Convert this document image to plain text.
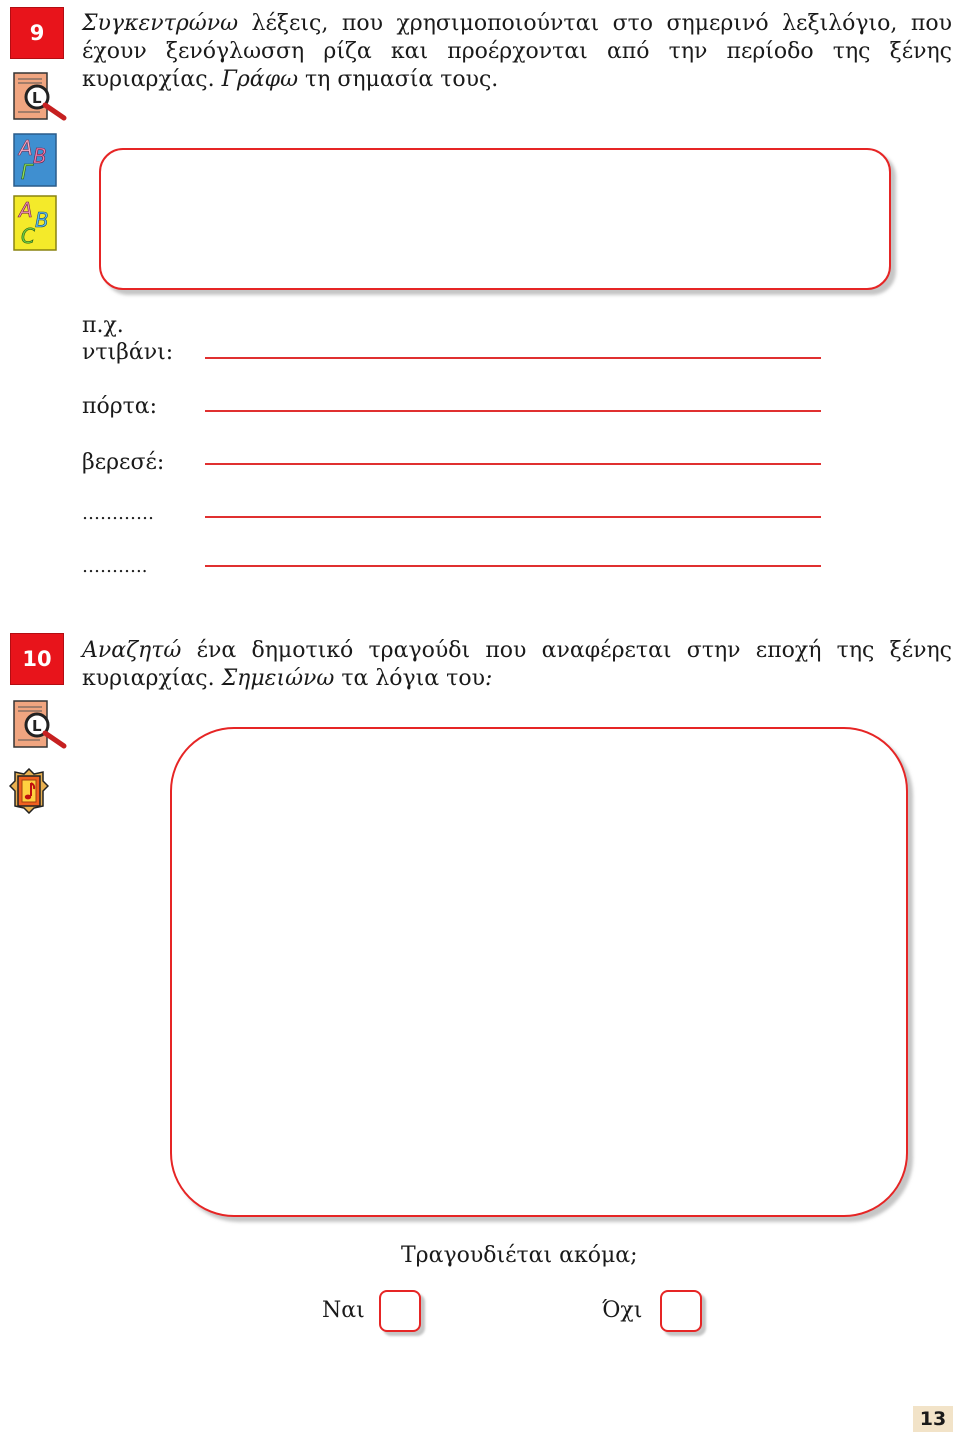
9
L
A B
Γ
A B
C
Συγκεντρώνω λέξεις, που χρησιμοποιούνται στο σημερινό λεξιλόγιο, που έχουν ξενόγλωσση ρίζα και προέρχονται από την περίοδο της ξένης κυριαρχίας. Γράφω τη σημασία τους.
π.χ.
ντιβάνι:
πόρτα:
βερεσέ:
…………
………..
10
L
Αναζητώ ένα δημοτικό τραγούδι που αναφέρεται στην εποχή της ξένης κυριαρχίας. Σημειώνω τα λόγια του:
Τραγουδιέται ακόμα;
Ναι	Όχι
13
